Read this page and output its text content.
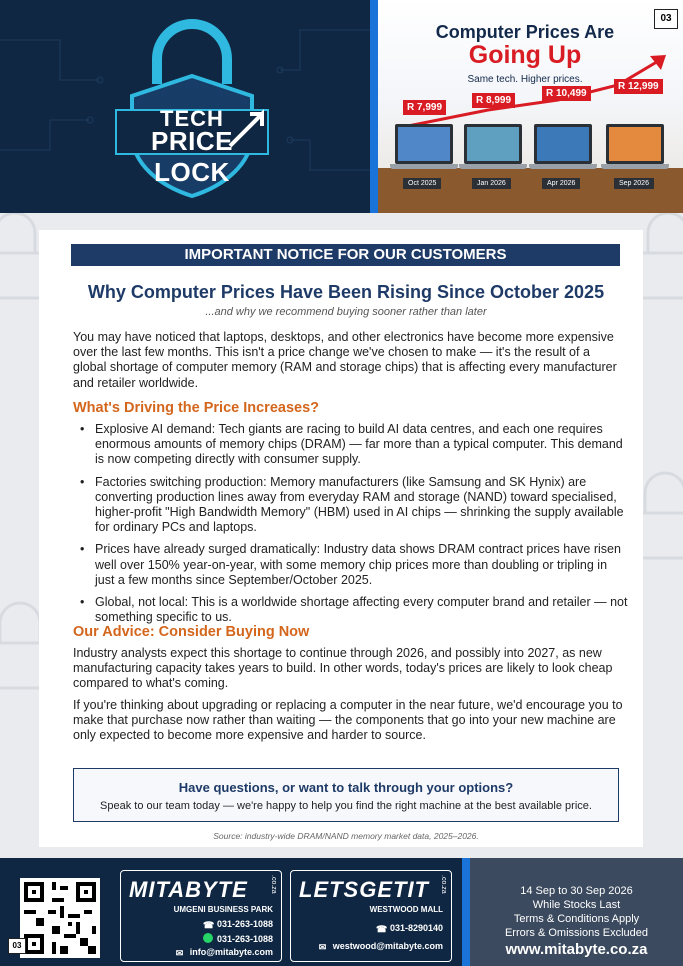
TECH
PRICE LOCK
Computer Prices Are
Going Up
Same tech. Higher prices.
R 7,999
Oct 2025
R 8,999
Jan 2026
R 10,499
Apr 2026
R 12,999
Sep 2026
03
IMPORTANT NOTICE FOR OUR CUSTOMERS
Why Computer Prices Have Been Rising Since October 2025
...and why we recommend buying sooner rather than later
You may have noticed that laptops, desktops, and other electronics have become more expensive over the last few months. This isn't a price change we've chosen to make — it's the result of a global shortage of computer memory (RAM and storage chips) that is affecting every manufacturer and retailer worldwide.
What's Driving the Price Increases?
• Explosive AI demand: Tech giants are racing to build AI data centres, and each one requires enormous amounts of memory chips (DRAM) — far more than a typical computer. This demand is now competing directly with consumer supply.
• Factories switching production: Memory manufacturers (like Samsung and SK Hynix) are converting production lines away from everyday RAM and storage (NAND) toward specialised, higher-profit "High Bandwidth Memory" (HBM) used in AI chips — shrinking the supply available for ordinary PCs and laptops.
• Prices have already surged dramatically: Industry data shows DRAM contract prices have risen well over 150% year-on-year, with some memory chip prices more than doubling or tripling in just a few months since September/October 2025.
• Global, not local: This is a worldwide shortage affecting every computer brand and retailer — not something specific to us.
Our Advice: Consider Buying Now
Industry analysts expect this shortage to continue through 2026, and possibly into 2027, as new manufacturing capacity takes years to build. In other words, today's prices are likely to look cheap compared to what's coming.
If you're thinking about upgrading or replacing a computer in the near future, we'd encourage you to make that purchase now rather than waiting — the components that go into your new machine are only expected to become more expensive and harder to source.
Have questions, or want to talk through your options?
Speak to our team today — we're happy to help you find the right machine at the best available price.
Source: industry-wide DRAM/NAND memory market data, 2025–2026.
03
MITABYTE	.co.za
UMGENI BUSINESS PARK
☎ 031-263-1088
031-263-1088
✉ info@mitabyte.com
LETSGETIT .co.za
WESTWOOD MALL
☎ 031-8290140
✉ westwood@mitabyte.com
14 Sep to 30 Sep 2026
While Stocks Last
Terms & Conditions Apply
Errors & Omissions Excluded
www.mitabyte.co.za
